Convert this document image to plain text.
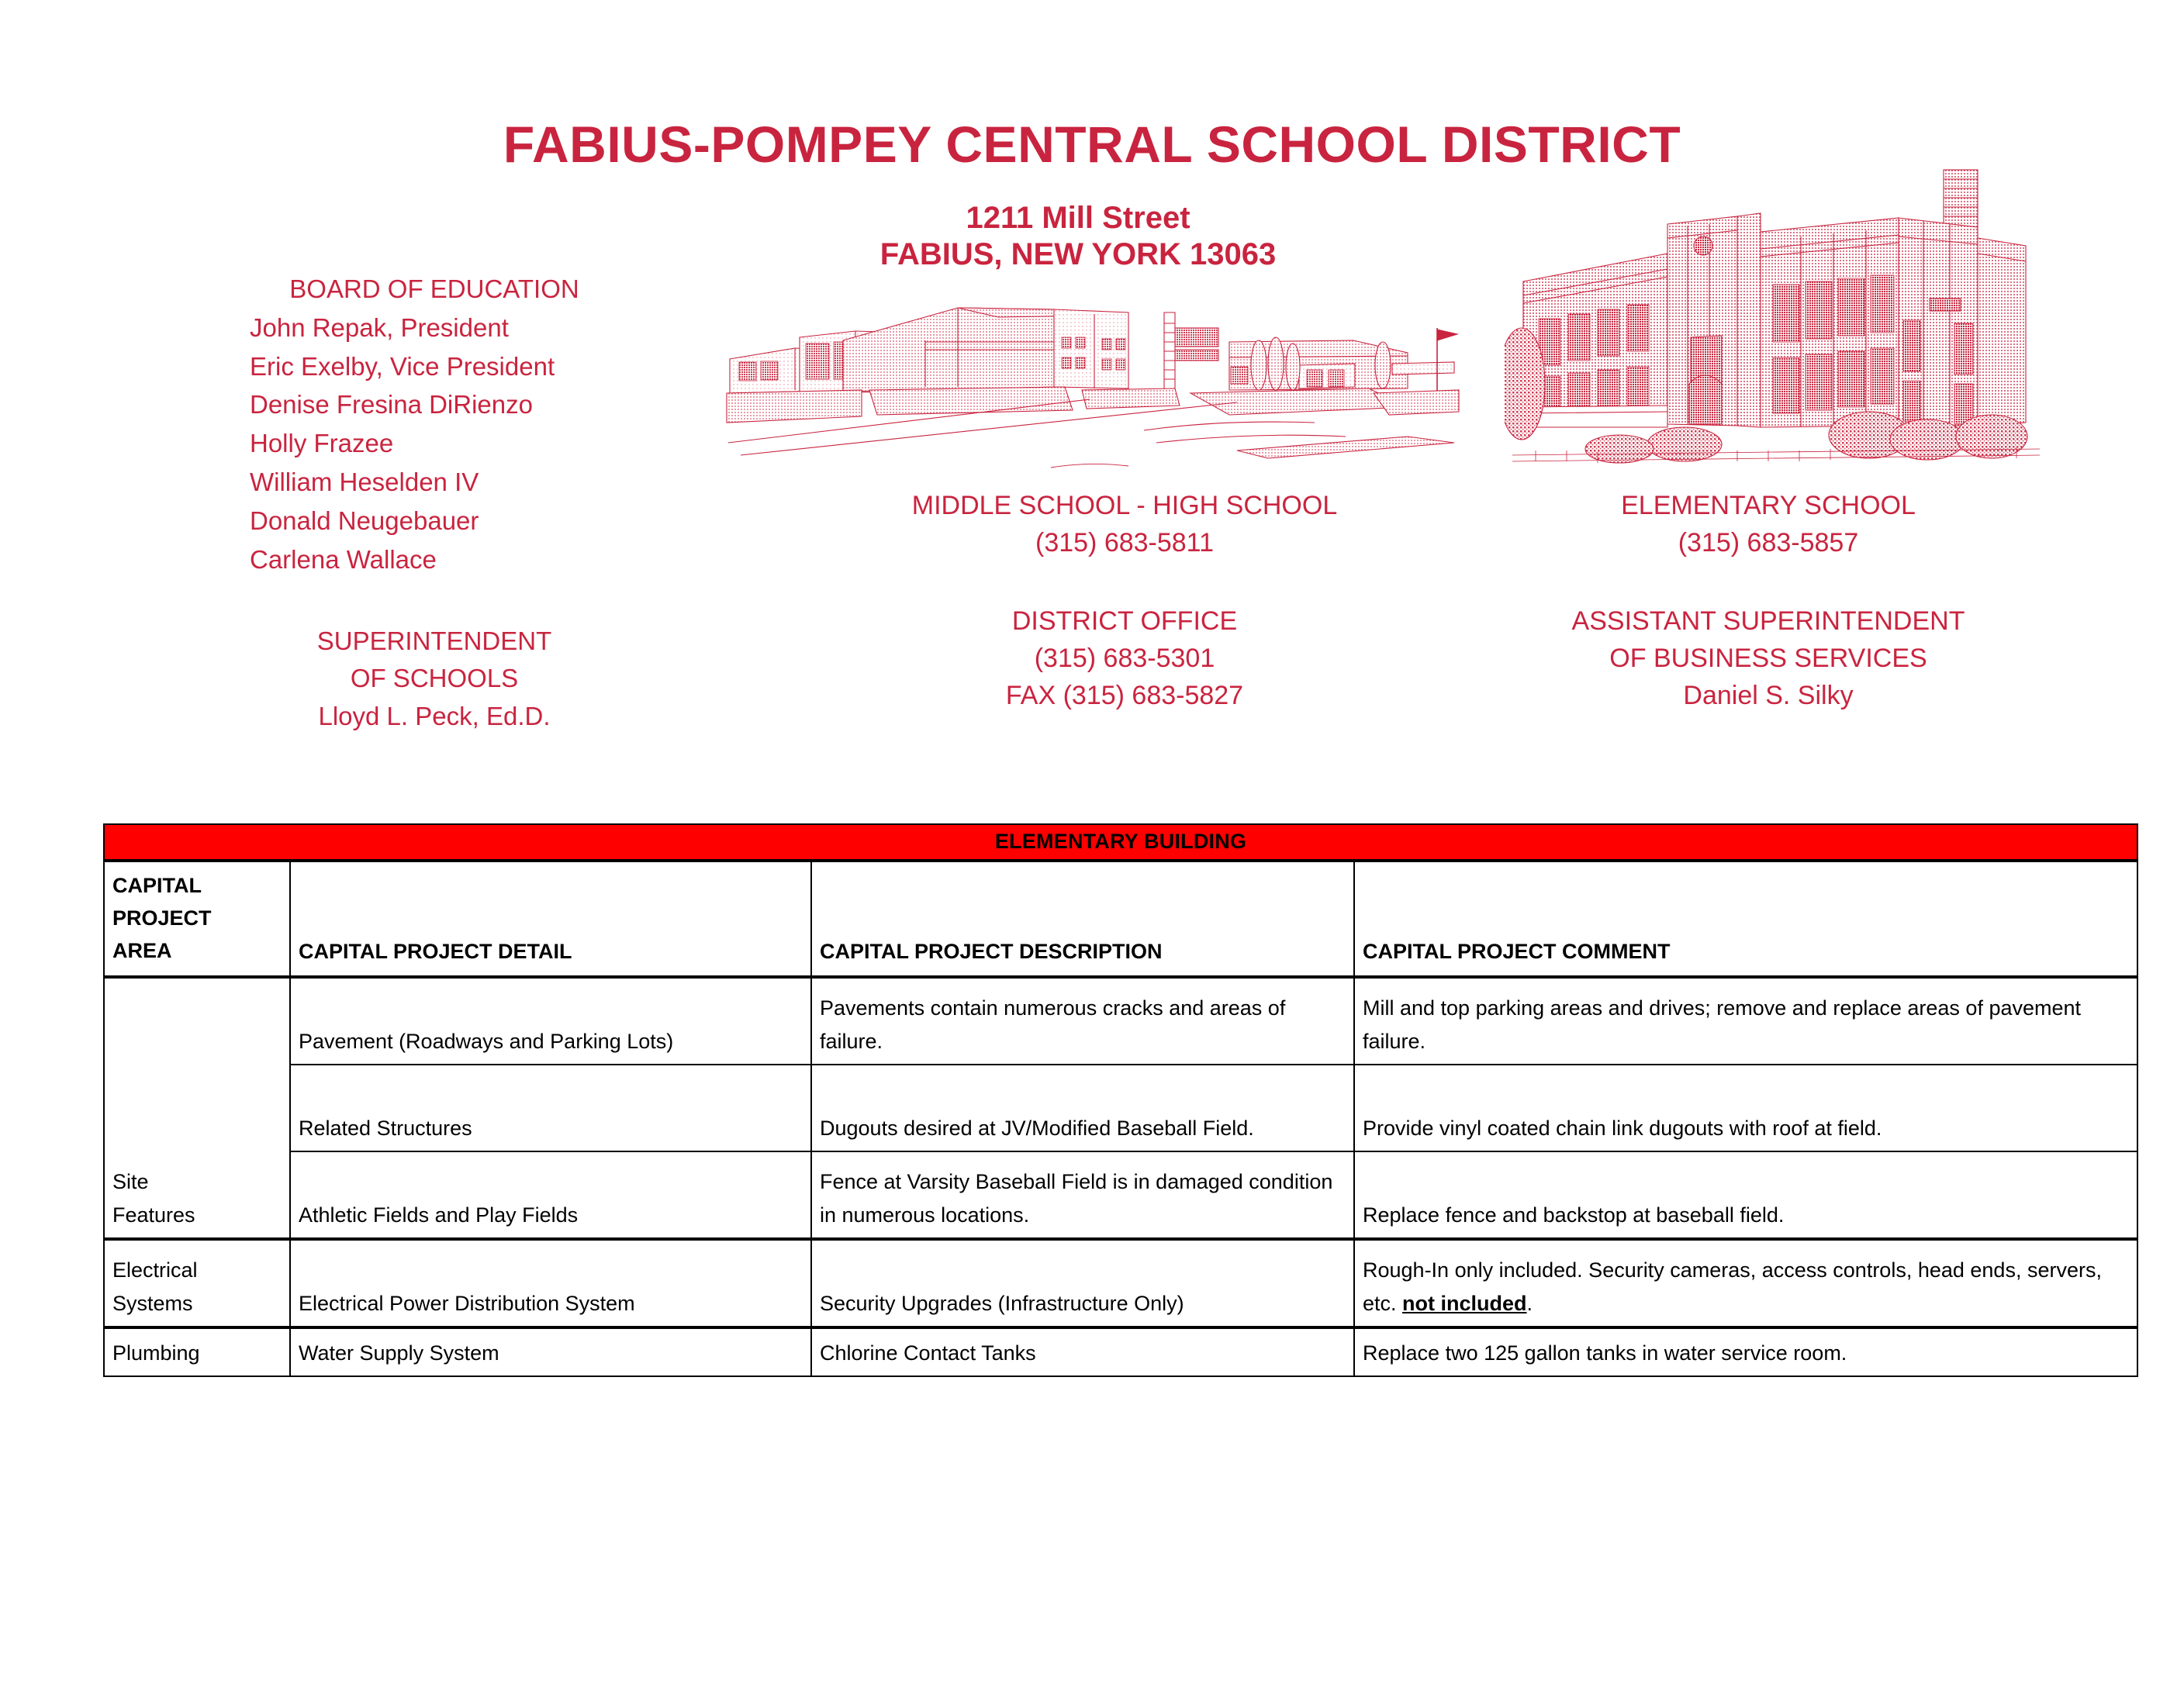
FABIUS-POMPEY CENTRAL SCHOOL DISTRICT
1211 Mill Street
FABIUS, NEW YORK 13063
BOARD OF EDUCATION
John Repak, President
Eric Exelby, Vice President
Denise Fresina DiRienzo
Holly Frazee
William Heselden IV
Donald Neugebauer
Carlena Wallace
SUPERINTENDENT
OF SCHOOLS
Lloyd L. Peck, Ed.D.
MIDDLE SCHOOL - HIGH SCHOOL
(315) 683-5811
DISTRICT OFFICE
(315) 683-5301
FAX (315) 683-5827
ELEMENTARY SCHOOL
(315) 683-5857
ASSISTANT SUPERINTENDENT
OF BUSINESS SERVICES
Daniel S. Silky
ELEMENTARY BUILDING			

CAPITAL
PROJECT
AREA	CAPITAL PROJECT DETAIL	CAPITAL PROJECT DESCRIPTION	CAPITAL PROJECT COMMENT

Site
Features	Pavement (Roadways and Parking Lots)	Pavements contain numerous cracks and areas of failure.	Mill and top parking areas and drives; remove and replace areas of pavement failure.
	Related Structures	Dugouts desired at JV/Modified Baseball Field.	Provide vinyl coated chain link dugouts with roof at field.
	Athletic Fields and Play Fields	Fence at Varsity Baseball Field is in damaged condition in numerous locations.	Replace fence and backstop at baseball field.

Electrical
Systems	Electrical Power Distribution System	Security Upgrades (Infrastructure Only)	Rough-In only included. Security cameras, access controls, head ends, servers, etc. not included.
Plumbing	Water Supply System	Chlorine Contact Tanks	Replace two 125 gallon tanks in water service room.
